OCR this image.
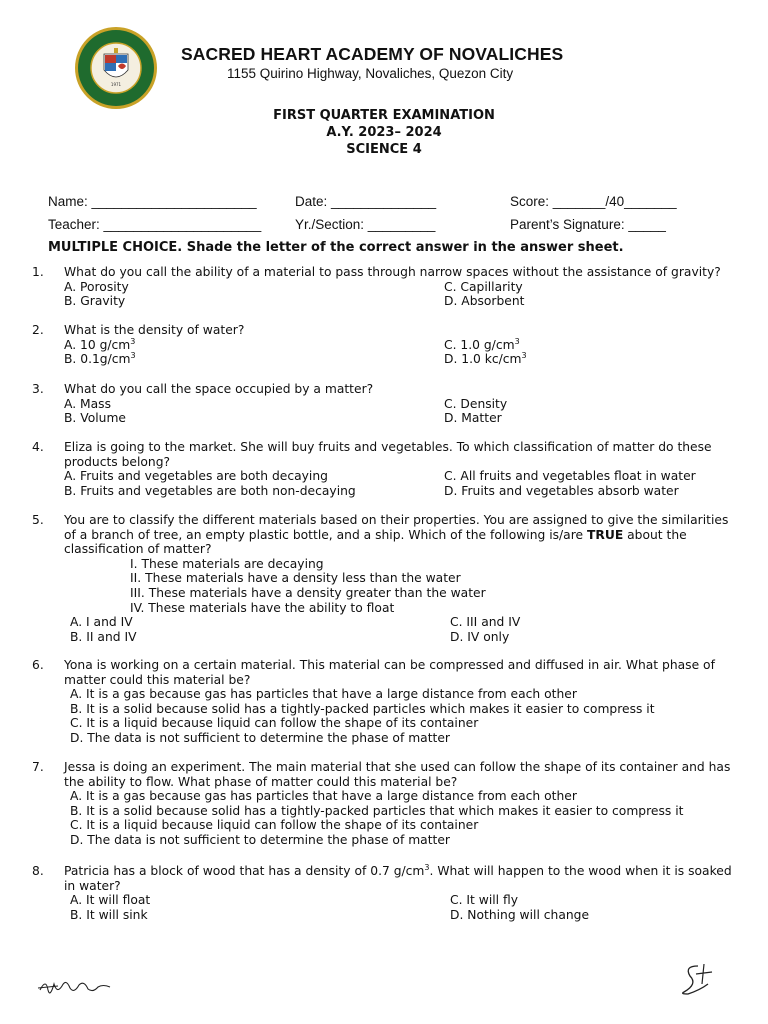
1971
SACRED HEART ACADEMY OF NOVALICHES
1155 Quirino Highway, Novaliches, Quezon City
FIRST QUARTER EXAMINATION
A.Y. 2023– 2024
SCIENCE 4
Name: ______________________	Date: ______________	Score: _______/40_______
Teacher: _____________________	Yr./Section: _________	Parent’s Signature: _____
MULTIPLE CHOICE. Shade the letter of the correct answer in the answer sheet.
1. What do you call the ability of a material to pass through narrow spaces without the assistance of gravity?
A. Porosity	C. Capillarity
B. Gravity	D. Absorbent
2. What is the density of water?
A. 10 $g/cm^3$	C. 1.0 $g/cm^3$
B. $0.1g/cm^3$	D. 1.0 $kc/cm^3$
3. What do you call the space occupied by a matter?
A. Mass	C. Density
B. Volume	D. Matter
4. Eliza is going to the market. She will buy fruits and vegetables. To which classification of matter do these products belong?
A. Fruits and vegetables are both decaying	C. All fruits and vegetables float in water
B. Fruits and vegetables are both non-decaying	D. Fruits and vegetables absorb water
5. You are to classify the different materials based on their properties. You are assigned to give the similarities of a branch of tree, an empty plastic bottle, and a ship. Which of the following is/are TRUE about the classification of matter?
I. These materials are decaying
II. These materials have a density less than the water
III. These materials have a density greater than the water
IV. These materials have the ability to float
A. I and IV	C. III and IV
B. II and IV	D. IV only
6. Yona is working on a certain material. This material can be compressed and diffused in air. What phase of matter could this material be?
A. It is a gas because gas has particles that have a large distance from each other
B. It is a solid because solid has a tightly-packed particles which makes it easier to compress it
C. It is a liquid because liquid can follow the shape of its container
D. The data is not sufficient to determine the phase of matter
7. Jessa is doing an experiment. The main material that she used can follow the shape of its container and has the ability to flow. What phase of matter could this material be?
A. It is a gas because gas has particles that have a large distance from each other
B. It is a solid because solid has a tightly-packed particles that which makes it easier to compress it
C. It is a liquid because liquid can follow the shape of its container
D. The data is not sufficient to determine the phase of matter
8. Patricia has a block of wood that has a density of 0.7 $g/cm^3$. What will happen to the wood when it is soaked in water?
A. It will float	C. It will fly
B. It will sink	D. Nothing will change
